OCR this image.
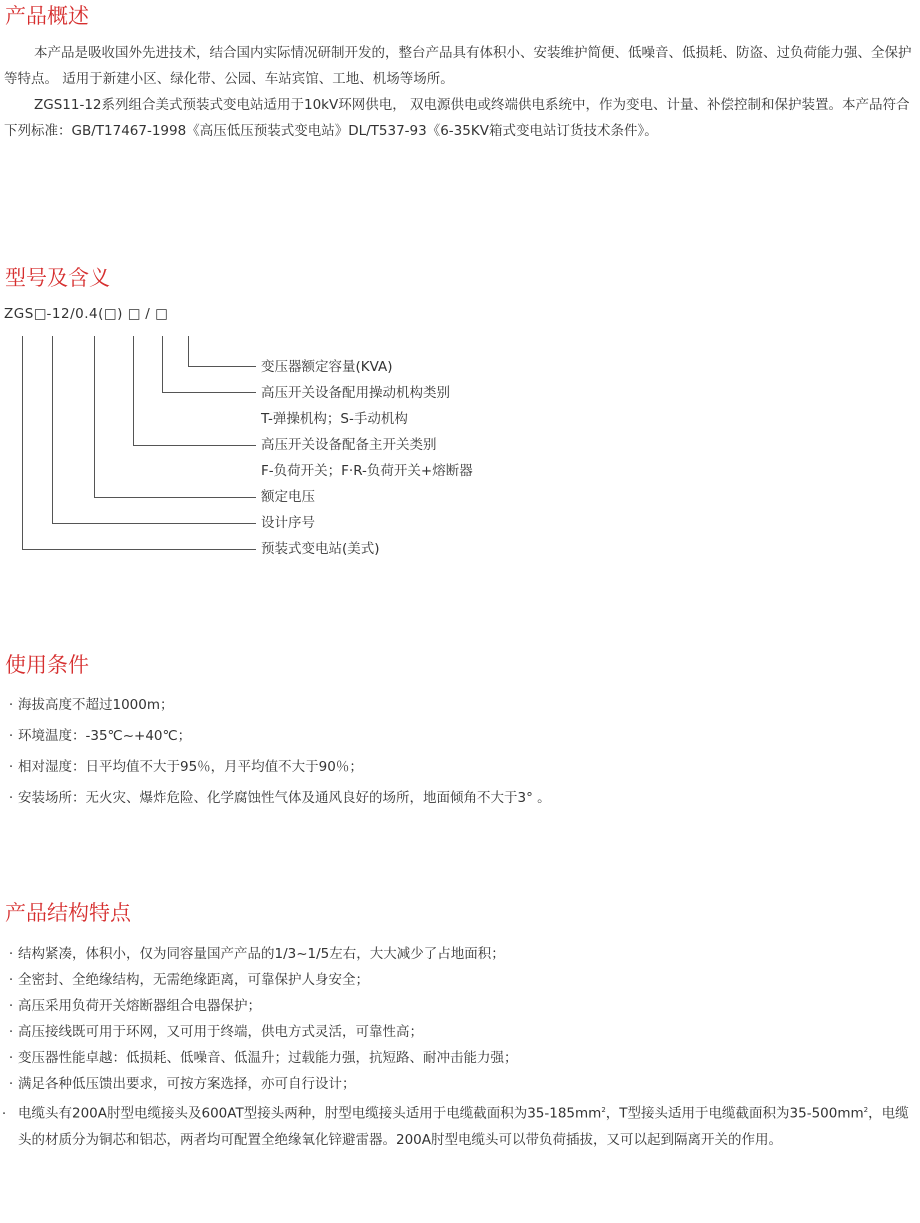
产品概述

本产品是吸收国外先进技术，结合国内实际情况研制开发的，整台产品具有体积小、安装维护简便、低噪音、低损耗、防盗、过负荷能力强、全保护等特点。 适用于新建小区、绿化带、公园、车站宾馆、工地、机场等场所。

ZGS11-12系列组合美式预装式变电站适用于10kV环网供电， 双电源供电或终端供电系统中，作为变电、计量、补偿控制和保护装置。本产品符合下列标准：GB/T17467-1998《高压低压预装式变电站》DL/T537-93《6-35KV箱式变电站订货技术条件》。

型号及含义
ZGS□-12/0.4(□) □ / □
变压器额定容量(KVA)
高压开关设备配用操动机构类别
T-弹操机构；S-手动机构
高压开关设备配备主开关类别
F-负荷开关；F·R-负荷开关+熔断器
额定电压
设计序号
预装式变电站(美式)
使用条件
· 海拔高度不超过1000m；
· 环境温度：-35℃~+40℃；
· 相对湿度：日平均值不大于95％，月平均值不大于90％；
· 安装场所：无火灾、爆炸危险、化学腐蚀性气体及通风良好的场所，地面倾角不大于3° 。
产品结构特点
· 结构紧凑，体积小，仅为同容量国产产品的1/3~1/5左右，大大减少了占地面积；
· 全密封、全绝缘结构，无需绝缘距离，可靠保护人身安全；
· 高压采用负荷开关熔断器组合电器保护；
· 高压接线既可用于环网，又可用于终端，供电方式灵活，可靠性高；
· 变压器性能卓越：低损耗、低噪音、低温升；过载能力强，抗短路、耐冲击能力强；
· 满足各种低压馈出要求，可按方案选择，亦可自行设计；
· 电缆头有200A肘型电缆接头及600AT型接头两种，肘型电缆接头适用于电缆截面积为$35-185mm^2$，T型接头适用于电缆截面积为$35-500mm^2$，电缆头的材质分为铜芯和铝芯，两者均可配置全绝缘氧化锌避雷器。200A肘型电缆头可以带负荷插拔，又可以起到隔离开关的作用。
